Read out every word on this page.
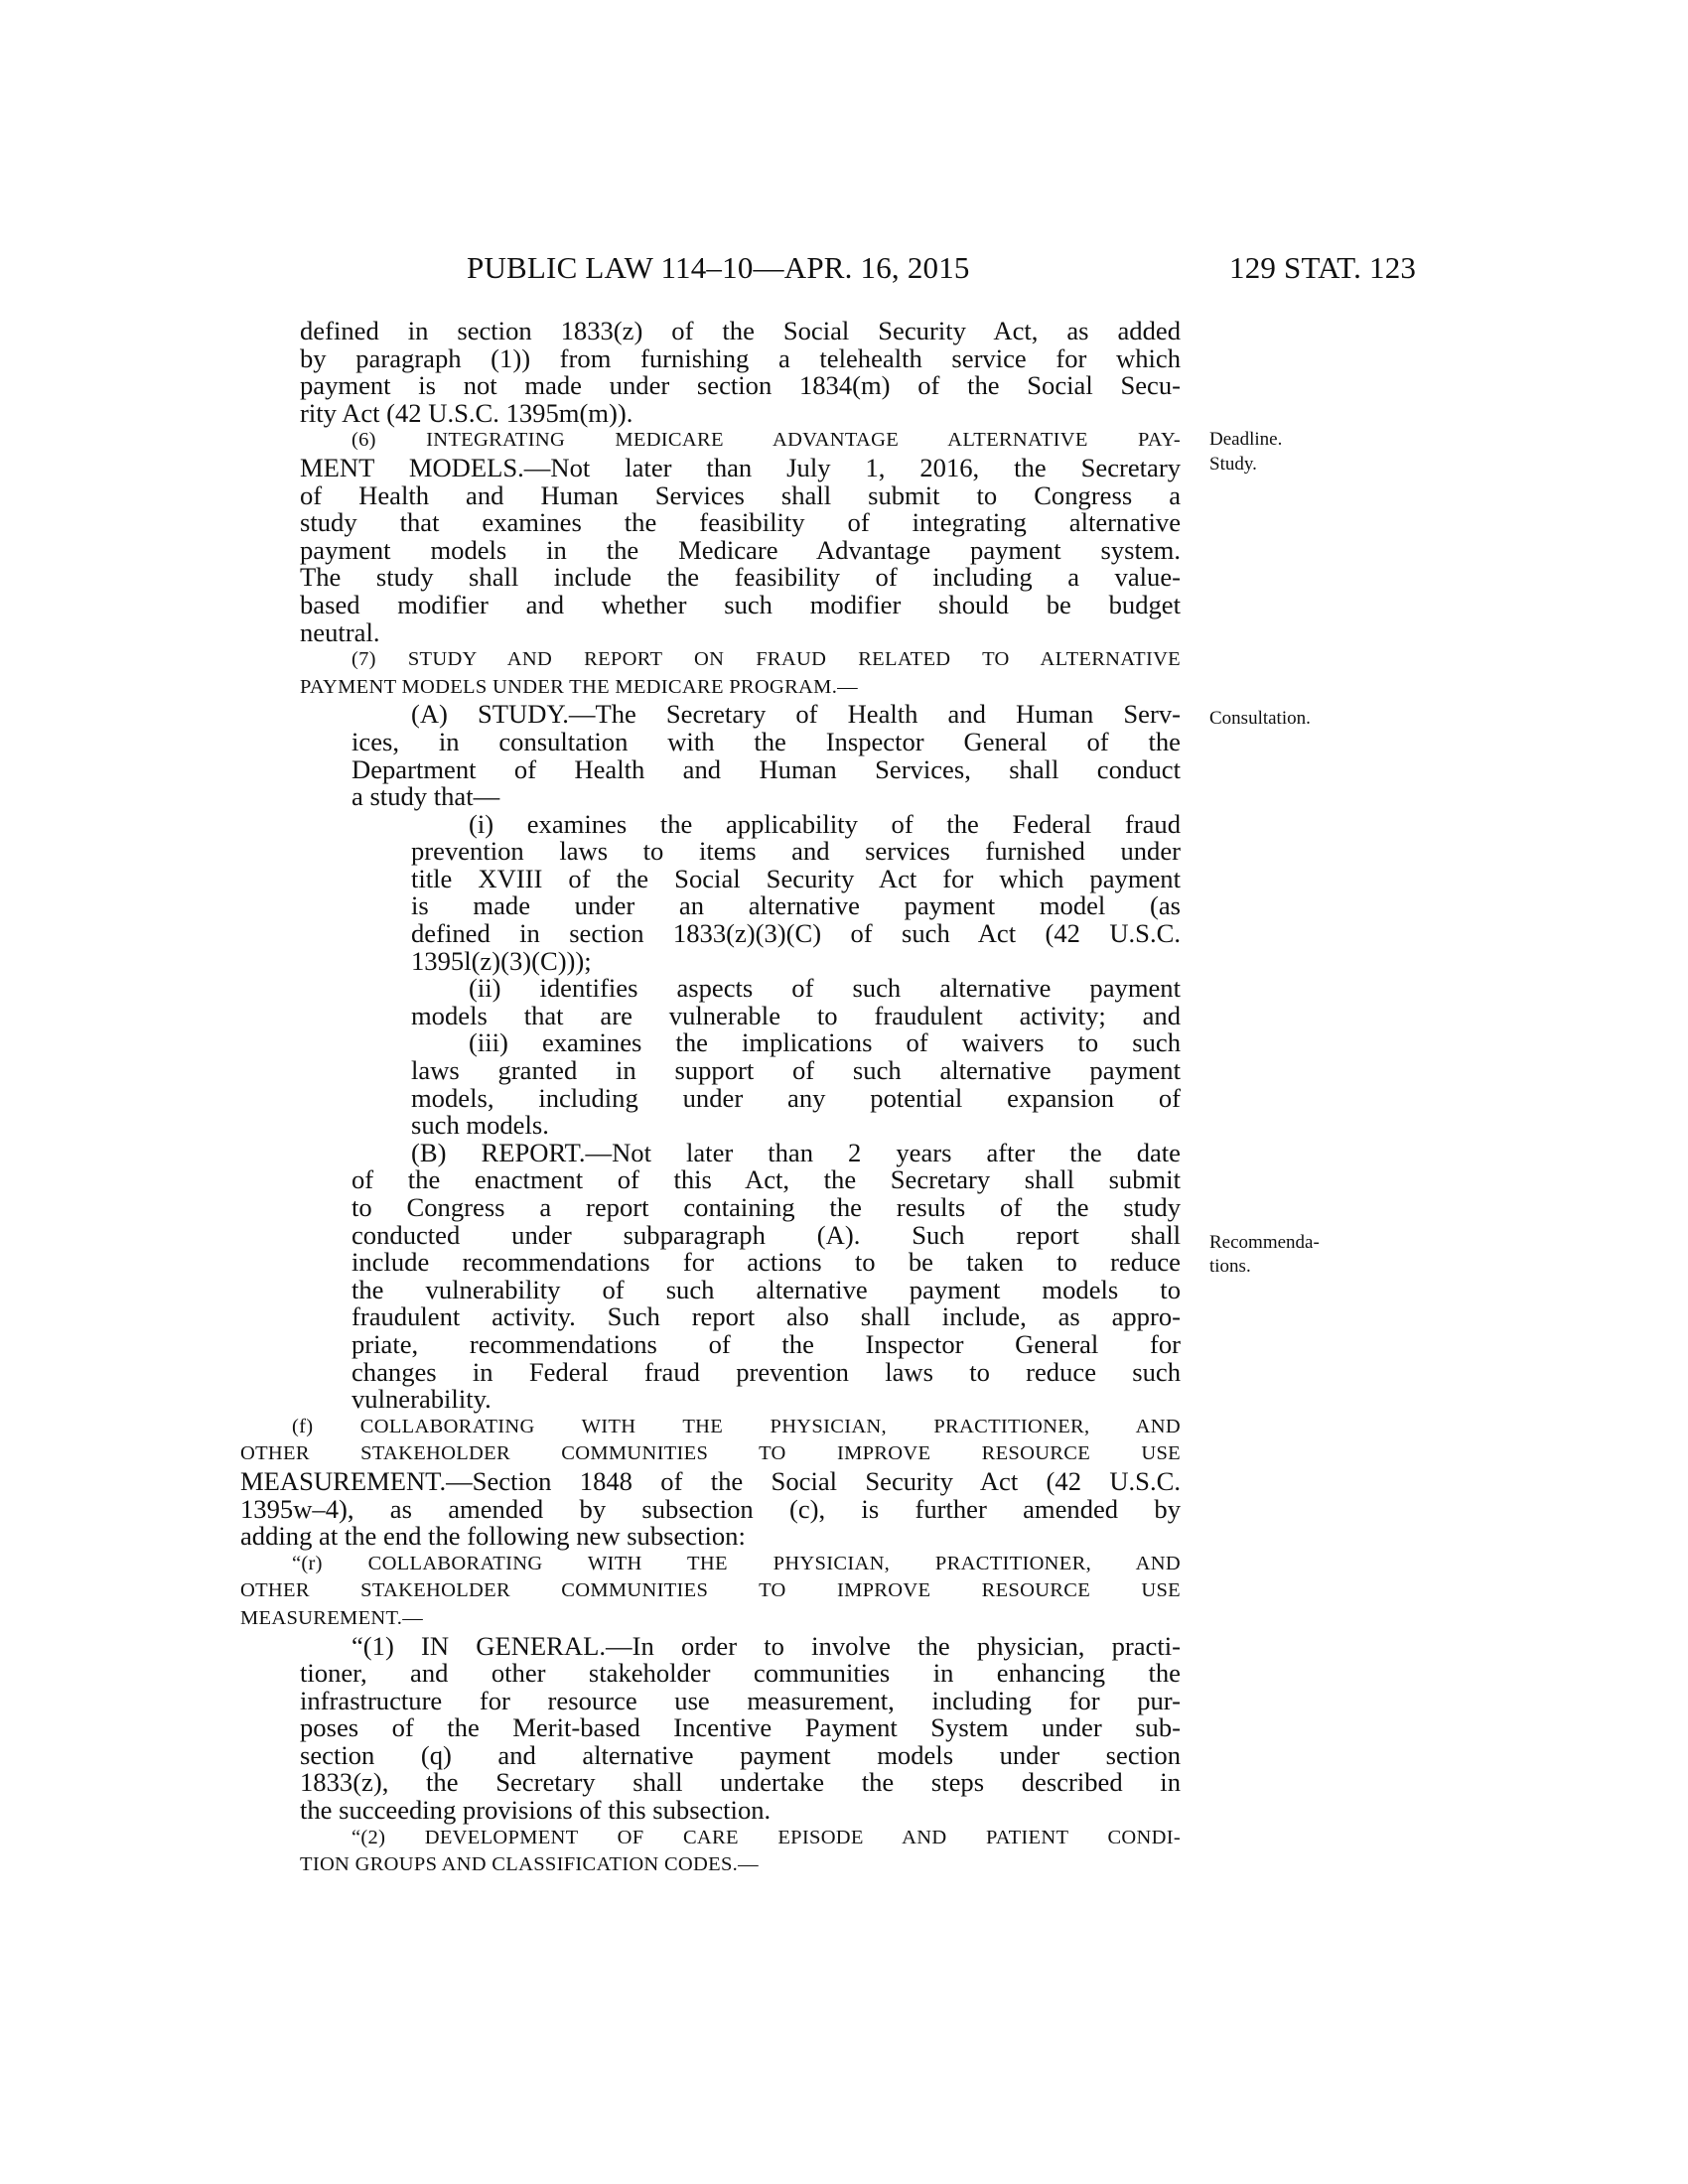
PUBLIC LAW 114–10—APR. 16, 2015	129 STAT. 123
defined in section 1833(z) of the Social Security Act, as added
by paragraph (1)) from furnishing a telehealth service for which
payment is not made under section 1834(m) of the Social Secu-
rity Act (42 U.S.C. 1395m(m)).
(6) INTEGRATING MEDICARE ADVANTAGE ALTERNATIVE PAY-
MENT MODELS.—Not later than July 1, 2016, the Secretary
of Health and Human Services shall submit to Congress a
study that examines the feasibility of integrating alternative
payment models in the Medicare Advantage payment system.
The study shall include the feasibility of including a value-
based modifier and whether such modifier should be budget
neutral.
(7) STUDY AND REPORT ON FRAUD RELATED TO ALTERNATIVE
PAYMENT MODELS UNDER THE MEDICARE PROGRAM.—
(A) STUDY.—The Secretary of Health and Human Serv-
ices, in consultation with the Inspector General of the
Department of Health and Human Services, shall conduct
a study that—
(i) examines the applicability of the Federal fraud
prevention laws to items and services furnished under
title XVIII of the Social Security Act for which payment
is made under an alternative payment model (as
defined in section 1833(z)(3)(C) of such Act (42 U.S.C.
1395l(z)(3)(C)));
(ii) identifies aspects of such alternative payment
models that are vulnerable to fraudulent activity; and
(iii) examines the implications of waivers to such
laws granted in support of such alternative payment
models, including under any potential expansion of
such models.
(B) REPORT.—Not later than 2 years after the date
of the enactment of this Act, the Secretary shall submit
to Congress a report containing the results of the study
conducted under subparagraph (A). Such report shall
include recommendations for actions to be taken to reduce
the vulnerability of such alternative payment models to
fraudulent activity. Such report also shall include, as appro-
priate, recommendations of the Inspector General for
changes in Federal fraud prevention laws to reduce such
vulnerability.
(f) COLLABORATING WITH THE PHYSICIAN, PRACTITIONER, AND
OTHER STAKEHOLDER COMMUNITIES TO IMPROVE RESOURCE USE
MEASUREMENT.—Section 1848 of the Social Security Act (42 U.S.C.
1395w–4), as amended by subsection (c), is further amended by
adding at the end the following new subsection:
“(r) COLLABORATING WITH THE PHYSICIAN, PRACTITIONER, AND
OTHER STAKEHOLDER COMMUNITIES TO IMPROVE RESOURCE USE
MEASUREMENT.—
“(1) IN GENERAL.—In order to involve the physician, practi-
tioner, and other stakeholder communities in enhancing the
infrastructure for resource use measurement, including for pur-
poses of the Merit-based Incentive Payment System under sub-
section (q) and alternative payment models under section
1833(z), the Secretary shall undertake the steps described in
the succeeding provisions of this subsection.
“(2) DEVELOPMENT OF CARE EPISODE AND PATIENT CONDI-
TION GROUPS AND CLASSIFICATION CODES.—
Deadline.
Study.
Consultation.
Recommenda-
tions.
